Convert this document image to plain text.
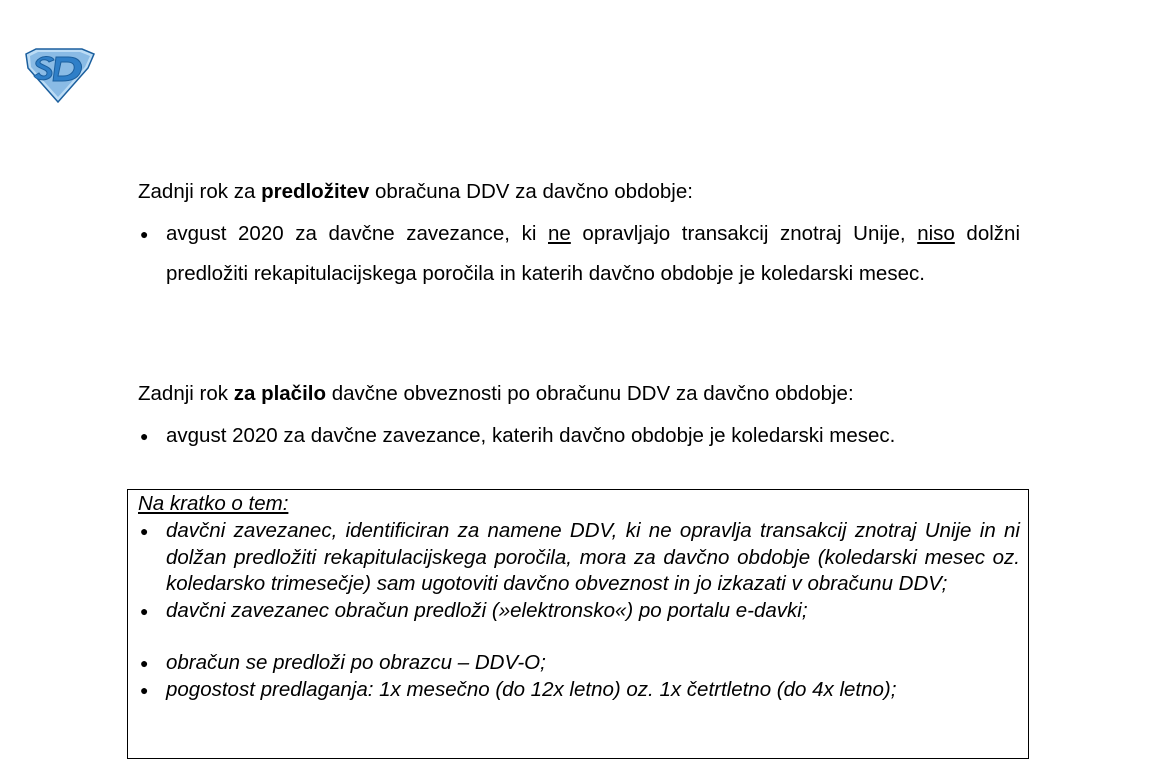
Zadnji rok za predložitev obračuna DDV za davčno obdobje:
● avgust 2020 za davčne zavezance, ki ne opravljajo transakcij znotraj Unije, niso dolžni predložiti rekapitulacijskega poročila in katerih davčno obdobje je koledarski mesec.
Zadnji rok za plačilo davčne obveznosti po obračunu DDV za davčno obdobje:
● avgust 2020 za davčne zavezance, katerih davčno obdobje je koledarski mesec.
Na kratko o tem:
● davčni zavezanec, identificiran za namene DDV, ki ne opravlja transakcij znotraj Unije in ni dolžan predložiti rekapitulacijskega poročila, mora za davčno obdobje (koledarski mesec oz. koledarsko trimesečje) sam ugotoviti davčno obveznost in jo izkazati v obračunu DDV;
● davčni zavezanec obračun predloži (»elektronsko«) po portalu e-davki;
● obračun se predloži po obrazcu – DDV-O;
● pogostost predlaganja: 1x mesečno (do 12x letno) oz. 1x četrtletno (do 4x letno);
